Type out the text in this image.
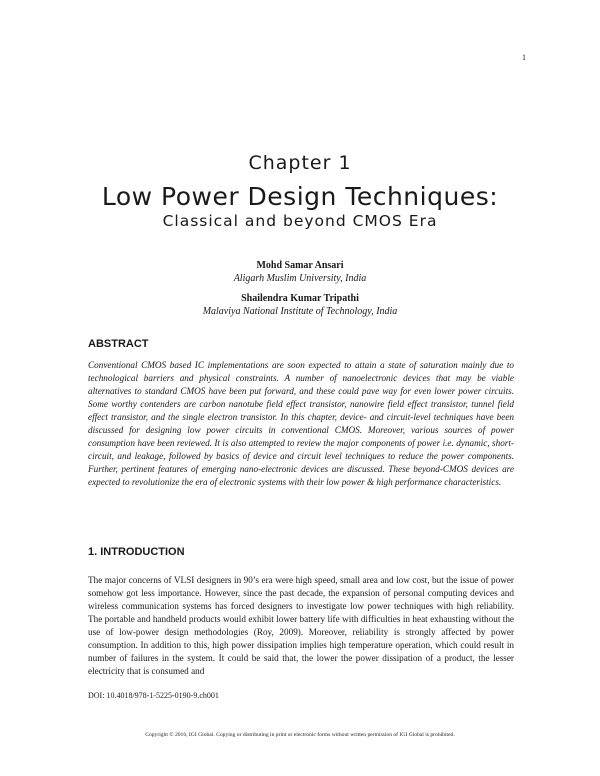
1
Chapter 1
Low Power Design Techniques:
Classical and beyond CMOS Era
Mohd Samar Ansari
Aligarh Muslim University, India
Shailendra Kumar Tripathi
Malaviya National Institute of Technology, India
ABSTRACT

Conventional CMOS based IC implementations are soon expected to attain a state of saturation mainly due to technological barriers and physical constraints. A number of nanoelectronic devices that may be viable alternatives to standard CMOS have been put forward, and these could pave way for even lower power circuits. Some worthy contenders are carbon nanotube field effect transistor, nanowire field effect transistor, tunnel field effect transistor, and the single electron transistor. In this chapter, device- and circuit-level techniques have been discussed for designing low power circuits in conventional CMOS. Moreover, various sources of power consumption have been reviewed. It is also attempted to review the major components of power i.e. dynamic, short-circuit, and leakage, followed by basics of device and circuit level techniques to reduce the power components. Further, pertinent features of emerging nano-electronic devices are discussed. These beyond-CMOS devices are expected to revolutionize the era of electronic systems with their low power & high performance characteristics.

1. INTRODUCTION

The major concerns of VLSI designers in 90’s era were high speed, small area and low cost, but the issue of power somehow got less importance. However, since the past decade, the expansion of personal computing devices and wireless communication systems has forced designers to investigate low power techniques with high reliability. The portable and handheld products would exhibit lower battery life with difficulties in heat exhausting without the use of low-power design methodologies (Roy, 2009). Moreover, reliability is strongly affected by power consumption. In addition to this, high power dissipation implies high temperature operation, which could result in number of failures in the system. It could be said that, the lower the power dissipation of a product, the lesser electricity that is consumed and

DOI: 10.4018/978-1-5225-0190-9.ch001
Copyright © 2016, IGI Global. Copying or distributing in print or electronic forms without written permission of IGI Global is prohibited.
